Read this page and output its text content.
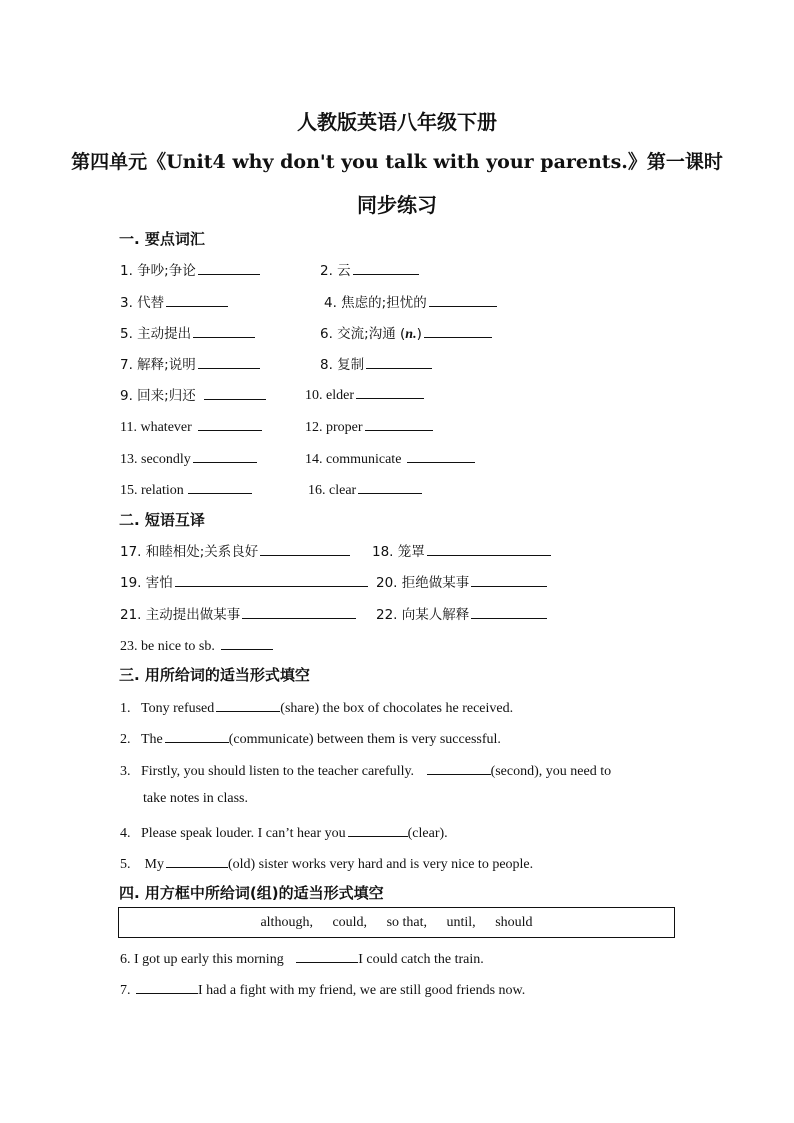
人教版英语八年级下册
第四单元《Unit4 why don't you talk with your parents.》第一课时
同步练习
一. 要点词汇
1. 争吵;争论	2. 云
3. 代替	4. 焦虑的;担忧的
5. 主动提出	6. 交流;沟通 (n.)
7. 解释;说明	8. 复制
9. 回来;归还	10. elder
11. whatever	12. proper
13. secondly	14. communicate
15. relation	16. clear
二. 短语互译
17. 和睦相处;关系良好	18. 笼罩
19. 害怕	20. 拒绝做某事
21. 主动提出做某事	22. 向某人解释
23. be nice to sb.
三. 用所给词的适当形式填空
1. Tony refused	(share) the box of chocolates he received.
2. The	(communicate) between them is very successful.
3. Firstly, you should listen to the teacher carefully.	(second), you need to
take notes in class.
4. Please speak louder. I can’t hear you	(clear).
5. My	(old) sister works very hard and is very nice to people.
四. 用方框中所给词(组)的适当形式填空
although, could, so that, until, should
6. I got up early this morning	I could catch the train.
7.	I had a fight with my friend, we are still good friends now.
